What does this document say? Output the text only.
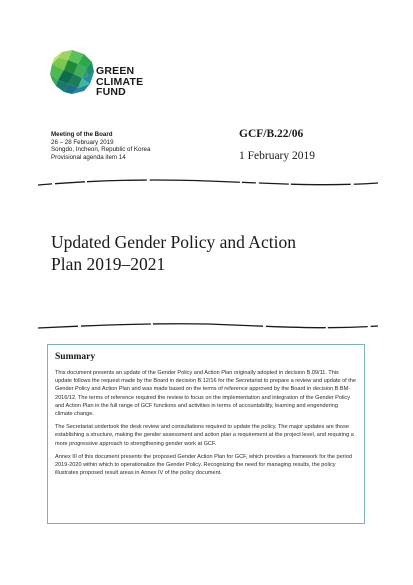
GREEN
CLIMATE
FUND
Meeting of the Board
26 – 28 February 2019
Songdo, Incheon, Republic of Korea
Provisional agenda item 14
GCF/B.22/06
1 February 2019
Updated Gender Policy and Action
Plan 2019–2021
Summary

This document presents an update of the Gender Policy and Action Plan originally adopted in decision B.09/11. This update follows the request made by the Board in decision B.12/16 for the Secretariat to prepare a review and update of the Gender Policy and Action Plan and was made based on the terms of reference approved by the Board in decision B.BM-2016/12. The terms of reference required the review to focus on the implementation and integration of the Gender Policy and Action Plan in the full range of GCF functions and activities in terms of accountability, learning and engendering climate change.

The Secretariat undertook the desk review and consultations required to update the policy. The major updates are those establishing a structure, making the gender assessment and action plan a requirement at the project level, and requiring a more progressive approach to strengthening gender work at GCF.

Annex III of this document presents the proposed Gender Action Plan for GCF, which provides a framework for the period 2019-2020 within which to operationalize the Gender Policy. Recognizing the need for managing results, the policy illustrates proposed result areas in Annex IV of the policy document.
